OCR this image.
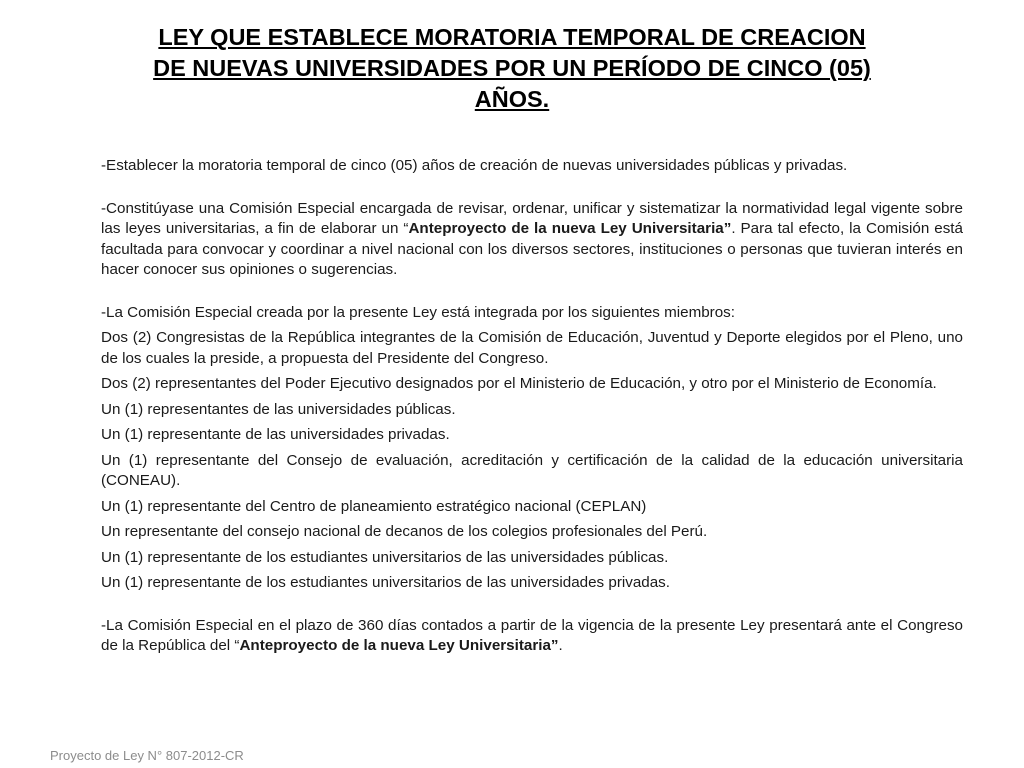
LEY QUE ESTABLECE MORATORIA TEMPORAL DE CREACION
DE NUEVAS UNIVERSIDADES POR UN PERÍODO DE CINCO (05)
AÑOS.

-Establecer la moratoria temporal de cinco (05) años de creación de nuevas universidades públicas y privadas.

-Constitúyase una Comisión Especial encargada de revisar, ordenar, unificar y sistematizar la normatividad legal vigente sobre las leyes universitarias, a fin de elaborar un “Anteproyecto de la nueva Ley Universitaria”. Para tal efecto, la Comisión está facultada para convocar y coordinar a nivel nacional con los diversos sectores, instituciones o personas que tuvieran interés en hacer conocer sus opiniones o sugerencias.

-La Comisión Especial creada por la presente Ley está integrada por los siguientes miembros:

Dos (2) Congresistas de la República integrantes de la Comisión de Educación, Juventud y Deporte elegidos por el Pleno, uno de los cuales la preside, a propuesta del Presidente del Congreso.

Dos (2) representantes del Poder Ejecutivo designados por el Ministerio de Educación, y otro por el Ministerio de Economía.

Un (1) representantes de las universidades públicas.

Un (1) representante de las universidades privadas.

Un (1) representante del Consejo de evaluación, acreditación y certificación de la calidad de la educación universitaria (CONEAU).

Un (1) representante del Centro de planeamiento estratégico nacional (CEPLAN)

Un representante del consejo nacional de decanos de los colegios profesionales del Perú.

Un (1) representante de los estudiantes universitarios de las universidades públicas.

Un (1) representante de los estudiantes universitarios de las universidades privadas.

-La Comisión Especial en el plazo de 360 días contados a partir de la vigencia de la presente Ley presentará ante el Congreso de la República del “Anteproyecto de la nueva Ley Universitaria”.

Proyecto de Ley N° 807-2012-CR
